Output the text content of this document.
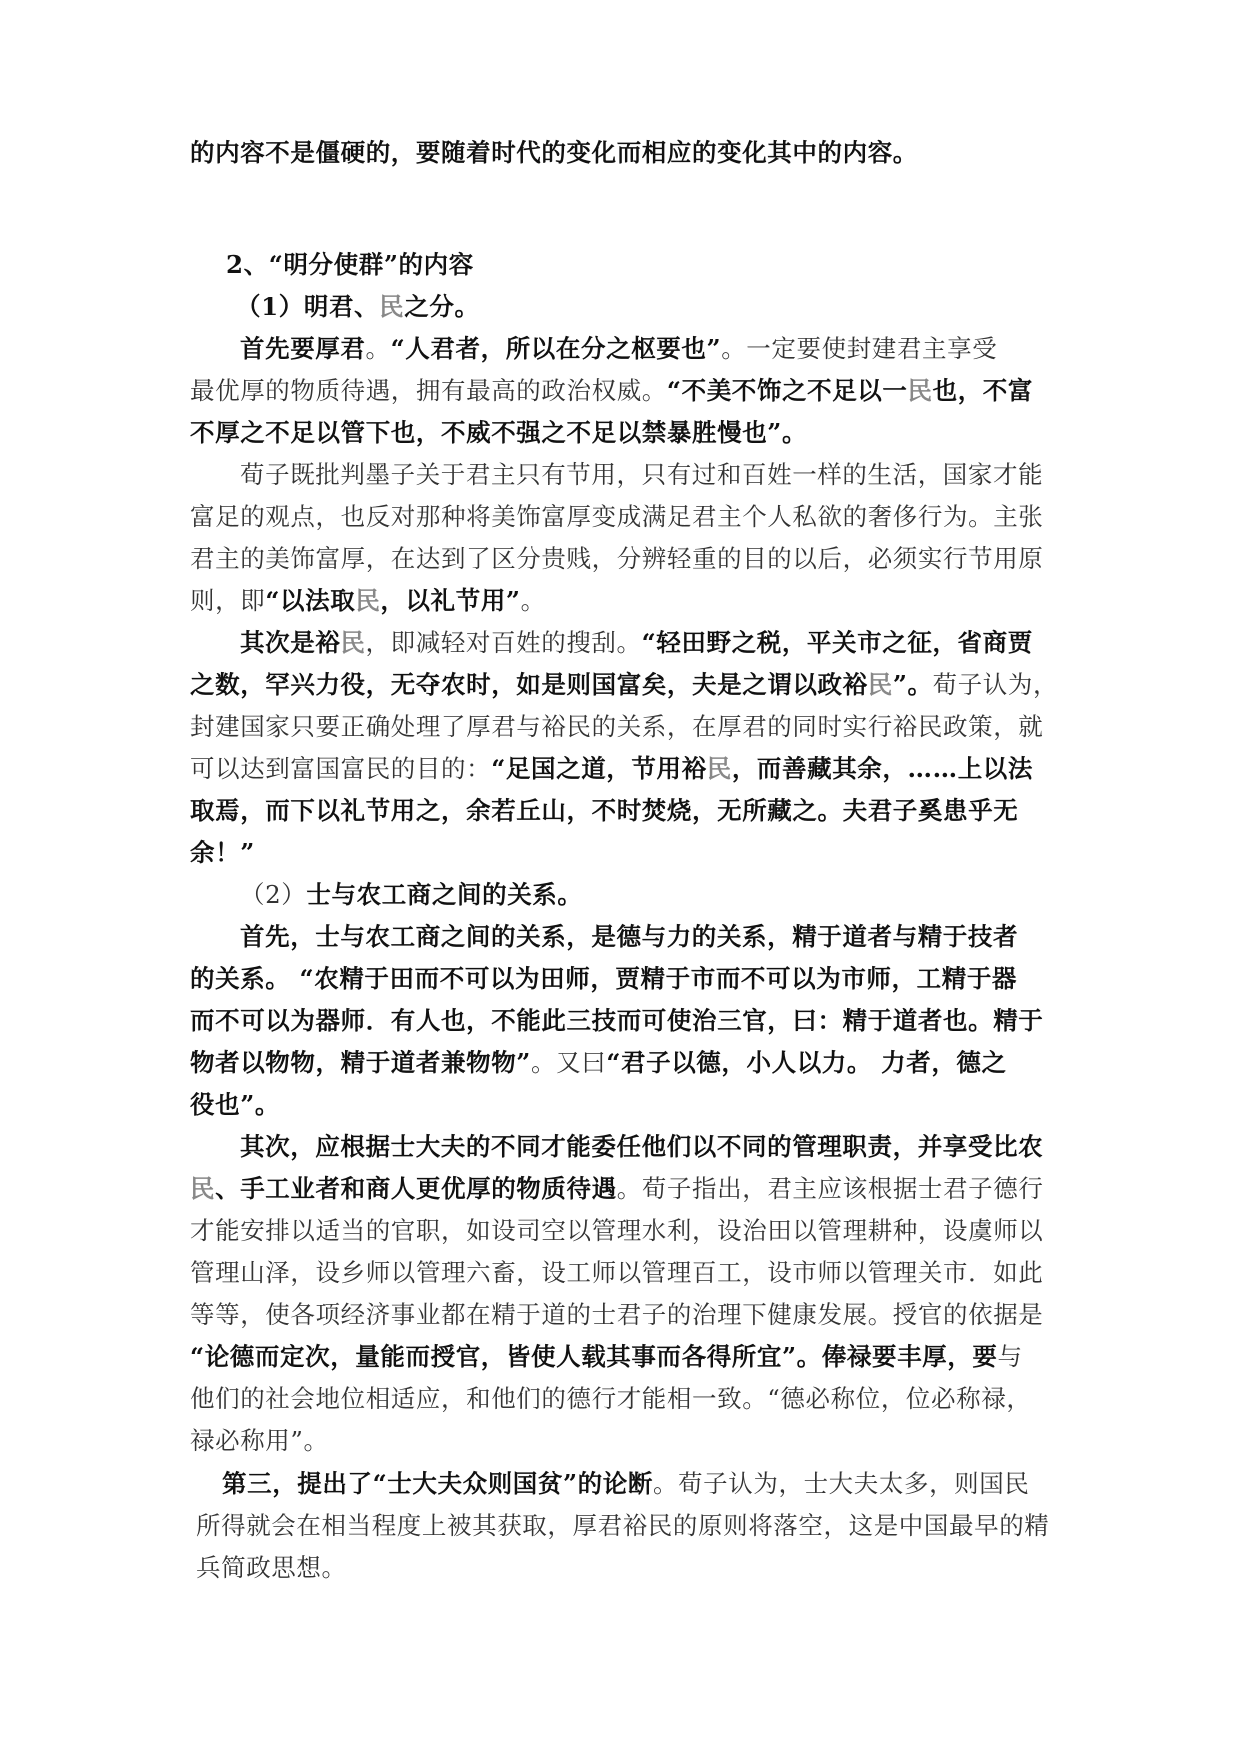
的内容不是僵硬的，要随着时代的变化而相应的变化其中的内容。
2、“明分使群”的内容
（1）明君、民之分。
首先要厚君。“人君者，所以在分之枢要也”。一定要使封建君主享受
最优厚的物质待遇，拥有最高的政治权威。“不美不饰之不足以一民也，不富
不厚之不足以管下也，不威不强之不足以禁暴胜慢也”。
荀子既批判墨子关于君主只有节用，只有过和百姓一样的生活，国家才能
富足的观点，也反对那种将美饰富厚变成满足君主个人私欲的奢侈行为。主张
君主的美饰富厚，在达到了区分贵贱，分辨轻重的目的以后，必须实行节用原
则，即“以法取民，以礼节用”。
其次是裕民，即减轻对百姓的搜刮。“轻田野之税，平关市之征，省商贾
之数，罕兴力役，无夺农时，如是则国富矣，夫是之谓以政裕民”。荀子认为，
封建国家只要正确处理了厚君与裕民的关系，在厚君的同时实行裕民政策，就
可以达到富国富民的目的：“足国之道，节用裕民，而善藏其余，……上以法
取焉，而下以礼节用之，余若丘山，不时焚烧，无所藏之。夫君子奚患乎无
余！”
（2）士与农工商之间的关系。
首先，士与农工商之间的关系，是德与力的关系，精于道者与精于技者
的关系。 “农精于田而不可以为田师，贾精于市而不可以为市师，工精于器
而不可以为器师．有人也，不能此三技而可使治三官，曰：精于道者也。精于
物者以物物，精于道者兼物物”。又曰“君子以德，小人以力。 力者，德之
役也”。
其次，应根据士大夫的不同才能委任他们以不同的管理职责，并享受比农
民、手工业者和商人更优厚的物质待遇。荀子指出，君主应该根据士君子德行
才能安排以适当的官职，如设司空以管理水利，设治田以管理耕种，设虞师以
管理山泽，设乡师以管理六畜，设工师以管理百工，设市师以管理关市．如此
等等，使各项经济事业都在精于道的士君子的治理下健康发展。授官的依据是
“论德而定次，量能而授官，皆使人载其事而各得所宜”。俸禄要丰厚，要与
他们的社会地位相适应，和他们的德行才能相一致。“德必称位，位必称禄，
禄必称用”。
第三，提出了“士大夫众则国贫”的论断。荀子认为，士大夫太多，则国民
所得就会在相当程度上被其获取，厚君裕民的原则将落空，这是中国最早的精
兵简政思想。
